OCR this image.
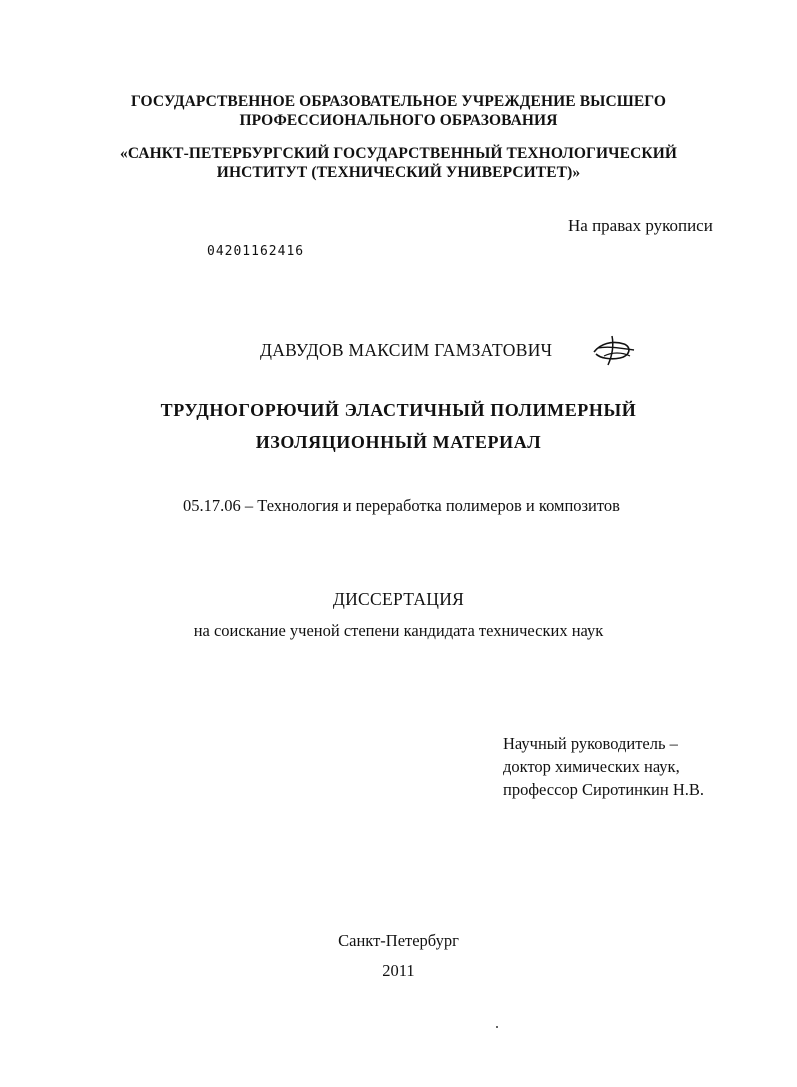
ГОСУДАРСТВЕННОЕ ОБРАЗОВАТЕЛЬНОЕ УЧРЕЖДЕНИЕ ВЫСШЕГО
ПРОФЕССИОНАЛЬНОГО ОБРАЗОВАНИЯ
«САНКТ-ПЕТЕРБУРГСКИЙ ГОСУДАРСТВЕННЫЙ ТЕХНОЛОГИЧЕСКИЙ
ИНСТИТУТ (ТЕХНИЧЕСКИЙ УНИВЕРСИТЕТ)»
На правах рукописи
04201162416
ДАВУДОВ МАКСИМ ГАМЗАТОВИЧ
ТРУДНОГОРЮЧИЙ ЭЛАСТИЧНЫЙ ПОЛИМЕРНЫЙ
ИЗОЛЯЦИОННЫЙ МАТЕРИАЛ
05.17.06 – Технология и переработка полимеров и композитов
ДИССЕРТАЦИЯ
на соискание ученой степени кандидата технических наук
Научный руководитель –
доктор химических наук,
профессор Сиротинкин Н.В.
Санкт-Петербург
2011
